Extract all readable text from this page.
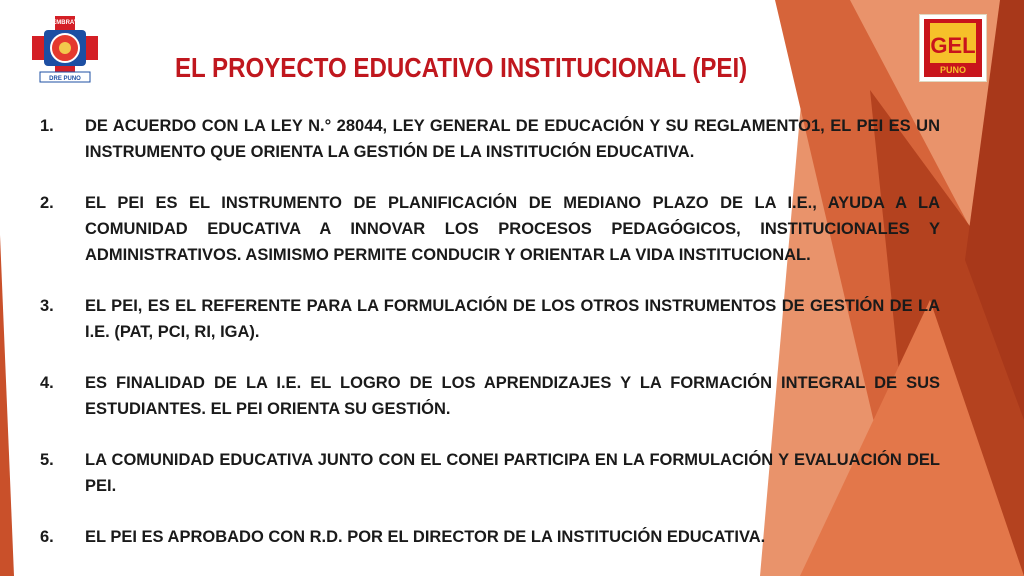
EMBRAY
DRE PUNO
GEL
PUNO
EL PROYECTO EDUCATIVO INSTITUCIONAL (PEI)
1.	DE ACUERDO CON LA LEY N.° 28044, LEY GENERAL DE EDUCACIÓN Y SU REGLAMENTO1, EL PEI ES UN INSTRUMENTO QUE ORIENTA LA GESTIÓN DE LA INSTITUCIÓN EDUCATIVA.
2.	EL PEI ES EL INSTRUMENTO DE PLANIFICACIÓN DE MEDIANO PLAZO DE LA I.E., AYUDA A LA COMUNIDAD EDUCATIVA A INNOVAR LOS PROCESOS PEDAGÓGICOS, INSTITUCIONALES Y ADMINISTRATIVOS. ASIMISMO PERMITE CONDUCIR Y ORIENTAR LA VIDA INSTITUCIONAL.
3.	EL PEI, ES EL REFERENTE PARA LA FORMULACIÓN DE LOS OTROS INSTRUMENTOS DE GESTIÓN DE LA I.E. (PAT, PCI, RI, IGA).
4.	ES FINALIDAD DE LA I.E. EL LOGRO DE LOS APRENDIZAJES Y LA FORMACIÓN INTEGRAL DE SUS ESTUDIANTES. EL PEI ORIENTA SU GESTIÓN.
5.	LA COMUNIDAD EDUCATIVA JUNTO CON EL CONEI PARTICIPA EN LA FORMULACIÓN Y EVALUACIÓN DEL PEI.
6.	EL PEI ES APROBADO CON R.D. POR EL DIRECTOR DE LA INSTITUCIÓN EDUCATIVA.
